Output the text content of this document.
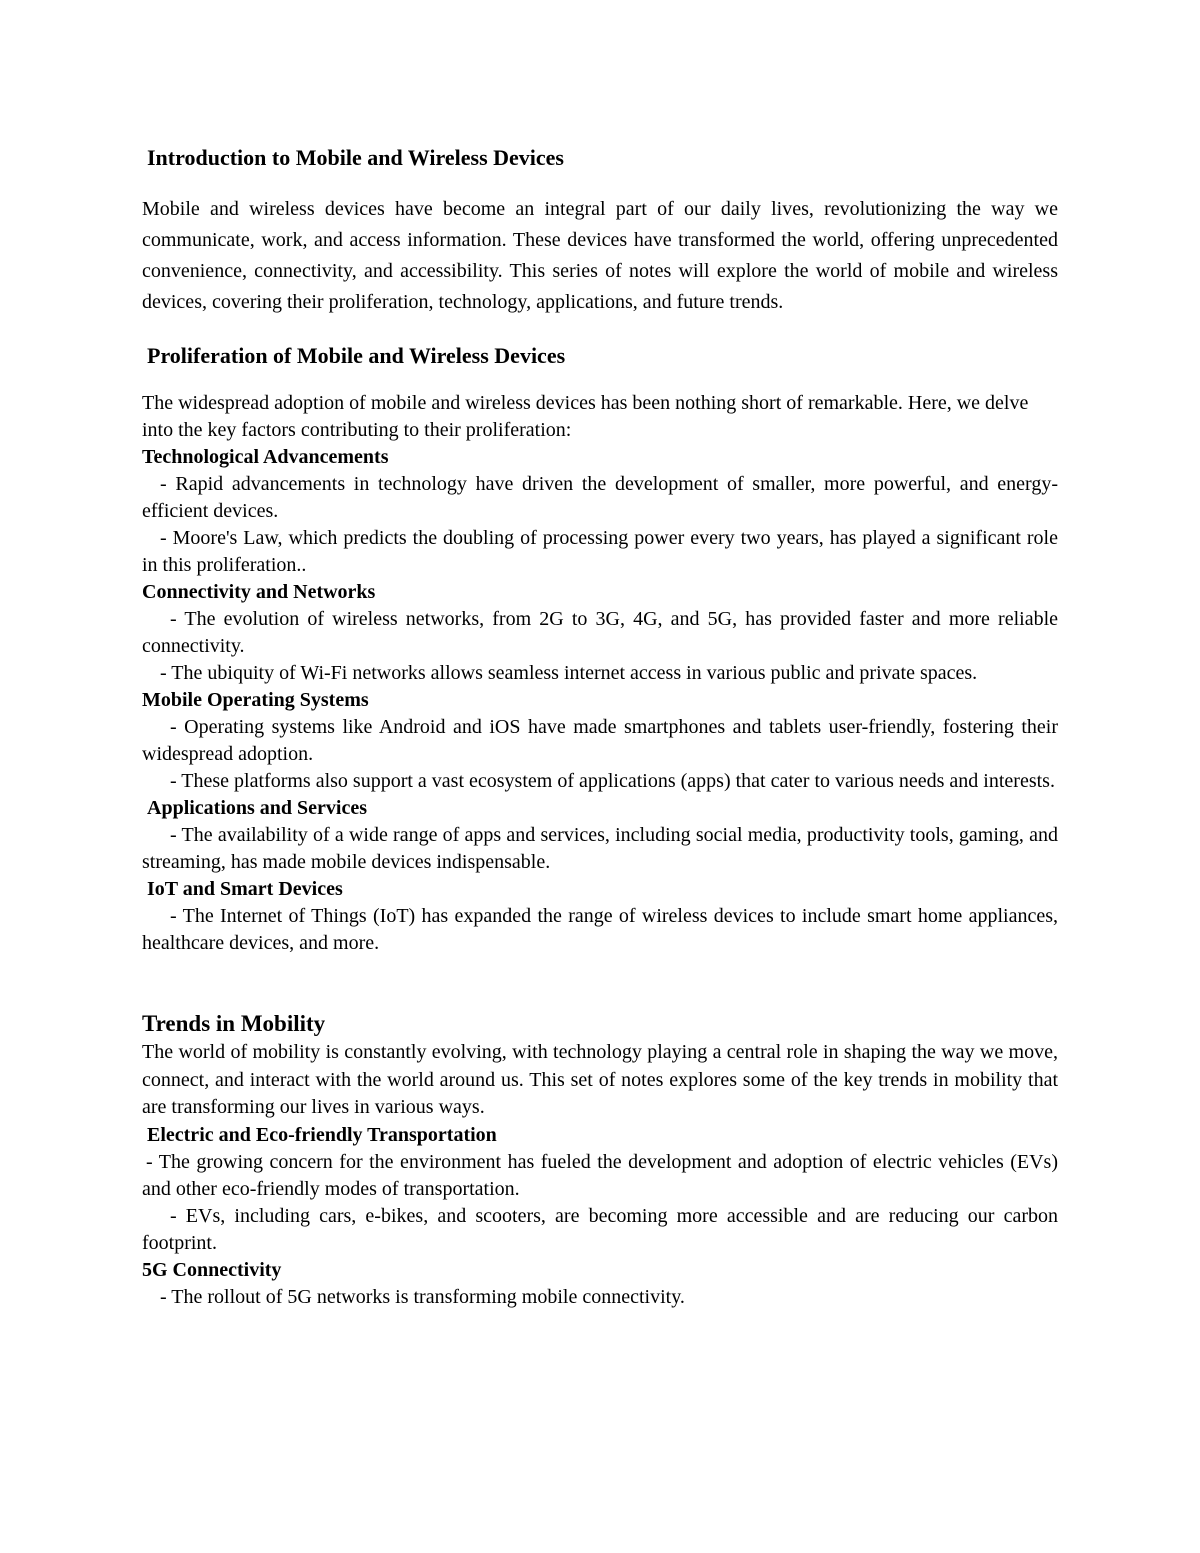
Introduction to Mobile and Wireless Devices

Mobile and wireless devices have become an integral part of our daily lives, revolutionizing the way we communicate, work, and access information. These devices have transformed the world, offering unprecedented convenience, connectivity, and accessibility. This series of notes will explore the world of mobile and wireless devices, covering their proliferation, technology, applications, and future trends.

Proliferation of Mobile and Wireless Devices

The widespread adoption of mobile and wireless devices has been nothing short of remarkable. Here, we delve into the key factors contributing to their proliferation:

Technological Advancements

- Rapid advancements in technology have driven the development of smaller, more powerful, and energy-efficient devices.

- Moore's Law, which predicts the doubling of processing power every two years, has played a significant role in this proliferation..

Connectivity and Networks

- The evolution of wireless networks, from 2G to 3G, 4G, and 5G, has provided faster and more reliable connectivity.

- The ubiquity of Wi-Fi networks allows seamless internet access in various public and private spaces.

Mobile Operating Systems

- Operating systems like Android and iOS have made smartphones and tablets user-friendly, fostering their widespread adoption.

- These platforms also support a vast ecosystem of applications (apps) that cater to various needs and interests.

Applications and Services

- The availability of a wide range of apps and services, including social media, productivity tools, gaming, and streaming, has made mobile devices indispensable.

IoT and Smart Devices

- The Internet of Things (IoT) has expanded the range of wireless devices to include smart home appliances, healthcare devices, and more.

Trends in Mobility

The world of mobility is constantly evolving, with technology playing a central role in shaping the way we move, connect, and interact with the world around us. This set of notes explores some of the key trends in mobility that are transforming our lives in various ways.

Electric and Eco-friendly Transportation

- The growing concern for the environment has fueled the development and adoption of electric vehicles (EVs) and other eco-friendly modes of transportation.

- EVs, including cars, e-bikes, and scooters, are becoming more accessible and are reducing our carbon footprint.

5G Connectivity

- The rollout of 5G networks is transforming mobile connectivity.
